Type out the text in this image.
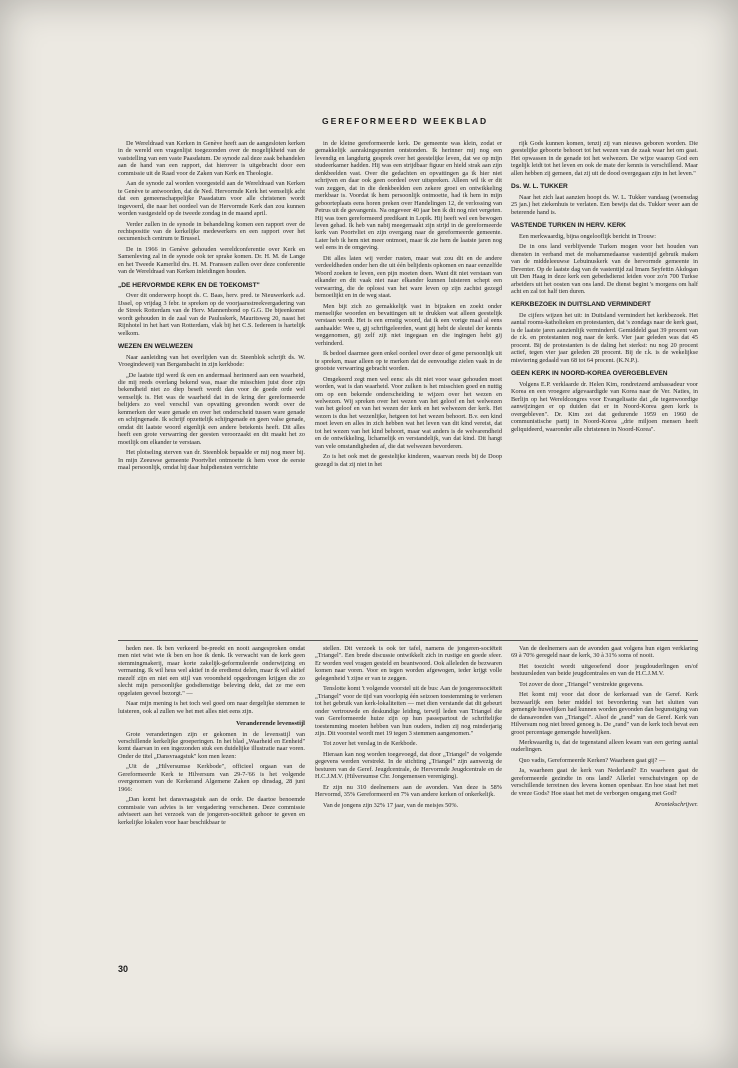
GEREFORMEERD WEEKBLAD

De Wereldraad van Kerken in Genève heeft aan de aangesloten kerken in de wereld een vragenlijst toegezonden over de mogelijkheid van de vaststelling van een vaste Paasdatum. De synode zal deze zaak behandelen aan de hand van een rapport, dat hierover is uitgebracht door een commissie uit de Raad voor de Zaken van Kerk en Theologie.

Aan de synode zal worden voorgesteld aan de Wereldraad van Kerken te Genève te antwoorden, dat de Ned. Hervormde Kerk het wenselijk acht dat een gemeenschappelijke Paasdatum voor alle christenen wordt ingevoerd, die naar het oordeel van de Hervormde Kerk dan zou kunnen worden vastgesteld op de tweede zondag in de maand april.

Verder zullen in de synode in behandeling komen een rapport over de rechtspositie van de kerkelijke medewerkers en een rapport over het oecumenisch centrum te Brussel.

De in 1966 in Genève gehouden wereldconferentie over Kerk en Samenleving zal in de synode ook ter sprake komen. Dr. H. M. de Lange en het Tweede Kamerlid drs. H. M. Franssen zullen over deze conferentie van de Wereldraad van Kerken inleidingen houden.

„DE HERVORMDE KERK EN DE TOEKOMST"

Over dit onderwerp hoopt ds. C. Baas, herv. pred. te Nieuwerkerk a.d. IJssel, op vrijdag 3 febr. te spreken op de voorjaarsstreekvergadering van de Streek Rotterdam van de Herv. Mannenbond op G.G. De bijeenkomst wordt gehouden in de zaal van de Pauluskerk, Mauritsweg 20, naast het Rijnhotel in het hart van Rotterdam, vlak bij het C.S. Iedereen is hartelijk welkom.

WEZEN EN WELWEZEN

Naar aanleiding van het overlijden van dr. Steenblok schrijft ds. W. Vroegindeweij van Bergambacht in zijn kerkbode:

„De laatste tijd werd ik een en andermaal herinnerd aan een waarheid, die mij reeds overlang bekend was, maar die misschien juist door zijn bekendheid niet zo diep beseft wordt dan voor de goede orde wel wenselijk is. Het was de waarheid dat in de kring der gereformeerde belijders zo veel verschil van opvatting gevonden wordt over de kenmerken der ware genade en over het onderscheid tussen ware genade en schijngenade. Ik schrijf opzettelijk schijngenade en geen valse genade, omdat dit laatste woord eigenlijk een andere betekenis heeft. Dit alles heeft een grote verwarring der geesten veroorzaakt en dit maakt het zo moeilijk om elkander te verstaan.

Het plotseling sterven van dr. Steenblok bepaalde er mij nog meer bij. In mijn Zeeuwse gemeente Poortvliet ontmoette ik hem voor de eerste maal persoonlijk, omdat hij daar hulpdiensten verrichtte

in de kleine gereformeerde kerk. De gemeente was klein, zodat er gemakkelijk aanrakingspunten ontstonden. Ik herinner mij nog een levendig en langdurig gesprek over het geestelijke leven, dat we op mijn studeerkamer hadden. Hij was een strijdbaar figuur en hield strak aan zijn denkbeelden vast. Over die gedachten en opvattingen ga ik hier niet schrijven en daar ook geen oordeel over uitspreken. Alleen wil ik er dit van zeggen, dat in die denkbeelden een zekere groei en ontwikkeling merkbaar is. Voordat ik hem persoonlijk ontmoette, had ik hem in mijn geboorteplaats eens horen preken over Handelingen 12, de verlossing van Petrus uit de gevangenis. Na ongeveer 40 jaar ben ik dit nog niet vergeten. Hij was toen gereformeerd predikant in Lopik. Hij heeft wel een bewogen leven gehad. Ik heb van nabij meegemaakt zijn strijd in de gereformeerde kerk van Poortvliet en zijn overgang naar de gereformeerde gemeente. Later heb ik hem niet meer ontmoet, maar ik zie hem de laatste jaren nog wel eens in de omgeving.

Dit alles laten wij verder rusten, maar wat zou dit en de andere verdeeldheden onder hen die uit één belijdenis opkomen en naar eenzelfde Woord zoeken te leven, een pijn moeten doen. Want dit niet verstaan van elkander en dit vaak niet naar elkander kunnen luisteren schept een verwarring, die de oplossi van het ware leven op zijn zachtst gezegd bemoeilijkt en in de weg staat.

Men bijt zich zo gemakkelijk vast in bijzaken en zoekt onder menselijke woorden en bevattingen uit te drukken wat alleen geestelijk verstaan wordt. Het is een ernstig woord, dat ik een vorige maal al eens aanhaalde: Wee u, gij schriftgeleerden, want gij hebt de sleutel der kennis weggenomen, gij zelf zijt niet ingegaan en die ingingen hebt gij verhinderd.

Ik bedoel daarmee geen enkel oordeel over deze of gene persoonlijk uit te spreken, maar alleen op te merken dat de eenvoudige zielen vaak in de grootste verwarring gebracht worden.

Omgekeerd zegt men wel eens: als dit niet voor waar gehouden moet worden, wat is dan waarheid. Voor zulken is het misschien goed en nuttig om op een bekende onderscheiding te wijzen over het wezen en welwezen. Wij spreken over het wezen van het geloof en het welwezen van het geloof en van het wezen der kerk en het welwezen der kerk. Het wezen is dus het wezenlijke, hetgeen tot het wezen behoort. B.v. een kind moet leven en alles in zich hebben wat het leven van dit kind vereist, dat tot het wezen van het kind behoort, maar wat anders is de welvarendheid en de ontwikkeling, lichamelijk en verstandelijk, van dat kind. Dit hangt van vele omstandigheden af, die dat welwezen bevorderen.

Zo is het ook met de geestelijke kinderen, waarvan reeds bij de Doop gezegd is dat zij niet in het

rijk Gods kunnen komen, tenzij zij van nieuws geboren worden. Die geestelijke geboorte behoort tot het wezen van de zaak waar het om gaat. Het opwassen in de genade tot het welwezen. De wijze waarop God een tegelijk leidt tot het leven en ook de mate der kennis is verschillend. Maar allen hebben zij gemeen, dat zij uit de dood overgegaan zijn in het leven."

Ds. W. L. TUKKER

Naar het zich laat aanzien hoopt ds. W. L. Tukker vandaag (woensdag 25 jan.) het ziekenhuis te verlaten. Een bewijs dat ds. Tukker weer aan de beterende hand is.

VASTENDE TURKEN IN HERV. KERK

Een merkwaardig, bijna ongelooflijk bericht in Trouw:

De in ons land verblijvende Turken mogen voor het houden van diensten in verband met de mohammedaanse vastentijd gebruik maken van de middeleeuwse Lebuinuskerk van de hervormde gemeente in Deventer. Op de laatste dag van de vastentijd zal Imam Seyfettin Akdogan uit Den Haag in deze kerk een gebedsdienst leiden voor zo'n 700 Turkse arbeiders uit het oosten van ons land. De dienst begint 's morgens om half acht en zal tot half tien duren.

KERKBEZOEK IN DUITSLAND VERMINDERT

De cijfers wijzen het uit: in Duitsland vermindert het kerkbezoek. Het aantal rooms-katholieken en protestanten, dat 's zondags naar de kerk gaat, is de laatste jaren aanzienlijk verminderd. Gemiddeld gaat 39 procent van de r.k. en protestanten nog naar de kerk. Vier jaar geleden was dat 45 procent. Bij de protestanten is de daling het sterkst: nu nog 20 procent actief, tegen vier jaar geleden 28 procent. Bij de r.k. is de wekelijkse misviering gedaald van 68 tot 64 procent. (K.N.P.).

GEEN KERK IN NOORD-KOREA OVERGEBLEVEN

Volgens E.P. verklaarde dr. Helen Kim, rondreizend ambassadeur voor Korea en een vroegere afgevaardigde van Korea naar de Ver. Naties, in Berlijn op het Wereldcongres voor Evangelisatie dat „de tegenwoordige aanwijzingen er op duiden dat er in Noord-Korea geen kerk is overgebleven". Dr. Kim zei dat gedurende 1959 en 1960 de communistische partij in Noord-Korea „drie miljoen mensen heeft geliquideerd, waaronder alle christenen in Noord-Korea".

heden nee. Ik ben verkeerd be-preekt en nooit aangesproken omdat men niet wist wie ik ben en hoe ik denk. Ik verwacht van de kerk geen stemmingmakerij, maar korte zakelijk-geformuleerde onderwijzing en vermaning. Ik wil heus wel aktief in de eredienst delen, maar ik wil aktief mezelf zijn en niet een stijl van vroomheid opgedrongen krijgen die zo slecht mijn persoonlijke godsdienstige beleving dekt, dat ze me een opgelaten gevoel bezorgt." —

Naar mijn mening is het toch wel goed om naar dergelijke stemmen te luisteren, ook al zullen we het met alles niet eens zijn.

Veranderende levensstijl

Grote veranderingen zijn er gekomen in de levensstijl van verschillende kerkelijke groeperingen. In het blad „Waarheid en Eenheid" komt daarvan in een ingezonden stuk een duidelijke illustratie naar voren. Onder de titel „Dansvraagstuk" kon men lezen:

„Uit de „Hilversumse Kerkbode", officieel orgaan van de Gereformeerde Kerk te Hilversum van 29-7-'66 is het volgende overgenomen van de Kerkerand Algemene Zaken op dinsdag, 28 juni 1966:

„Dan komt het dansvraagstuk aan de orde. De daartoe benoemde commissie van advies is ter vergadering verschenen. Deze commissie adviseert aan het verzoek van de jongeren-sociëteit gehoor te geven en kerkelijke lokalen voor haar beschikbaar te

stellen. Dit verzoek is ook ter tafel, namens de jongeren-sociëteit „Triangel". Een brede discussie ontwikkelt zich in rustige en goede sfeer. Er worden veel vragen gesteld en beantwoord. Ook alleleden de bezwaren komen naar voren. Voor en tegen worden afgewogen, ieder krijgt volle gelegenheid 't zijne er van te zeggen.

Tenslotte komt 't volgende voorstel uit de bus: Aan de jongerensociëteit „Triangel" voor de tijd van voorlopig één seizoen toestemming te verlenen tot het gebruik van kerk-lokaliteiten — met dien verstande dat dit gebeurt onder vertrouwde en deskundige leiding, terwijl leden van Triangel die van Gereformeerde huize zijn op hun passepartout de schriftelijke toestemming moeten hebben van hun ouders, indien zij nog minderjarig zijn. Dit voorstel wordt met 19 tegen 3 stemmen aangenomen."

Tot zover het verslag in de Kerkbode.

Hieraan kan nog worden toegevoegd, dat door „Triangel" de volgende gegevens werden verstrekt. In de stichting „Triangel" zijn aanwezig de besturen van de Geref. Jeugdcentrale, de Hervormde Jeugdcentrale en de H.C.J.M.V. (Hilversumse Chr. Jongemensen vereniging).

Er zijn nu 310 deelnemers aan de avonden. Van deze is 58% Hervormd, 35% Gereformeerd en 7% van andere kerken of onkerkelijk.

Van de jongens zijn 32% 17 jaar, van de meisjes 50%.

Van de deelnemers aan de avonden gaat volgens hun eigen verklaring 69 à 70% geregeld naar de kerk, 30 à 31% soms of nooit.

Het toezicht wordt uitgeoefend door jeugdouderlingen en/of bestuursleden van beide jeugdcentrales en van de H.C.J.M.V.

Tot zover de door „Triangel" verstrekte gegevens.

Het komt mij voor dat door de kerkeraad van de Geref. Kerk bezwaarlijk een beter middel tot bevordering van het sluiten van gemengde huwelijken had kunnen worden gevonden dan begunstiging van de dansavonden van „Triangel". Alsof de „rand" van de Geref. Kerk van Hilversum nog niet breed genoeg is. De „rand" van de kerk toch bevat een groot percentage gemengde huwelijken.

Merkwaardig is, dat de tegenstand alleen kwam van een gering aantal ouderlingen.

Quo vadis, Gereformeerde Kerken? Waarheen gaat gij? —

Ja, waarheen gaat de kerk van Nederland? En waarheen gaat de gereformeerde gezindte in ons land? Allerlei verschuivingen op de verschillende terreinen des levens komen openbaar. En hoe staat het met de vreze Gods? Hoe staat het met de verborgen omgang met God?

Kroniekschrijver.

30
